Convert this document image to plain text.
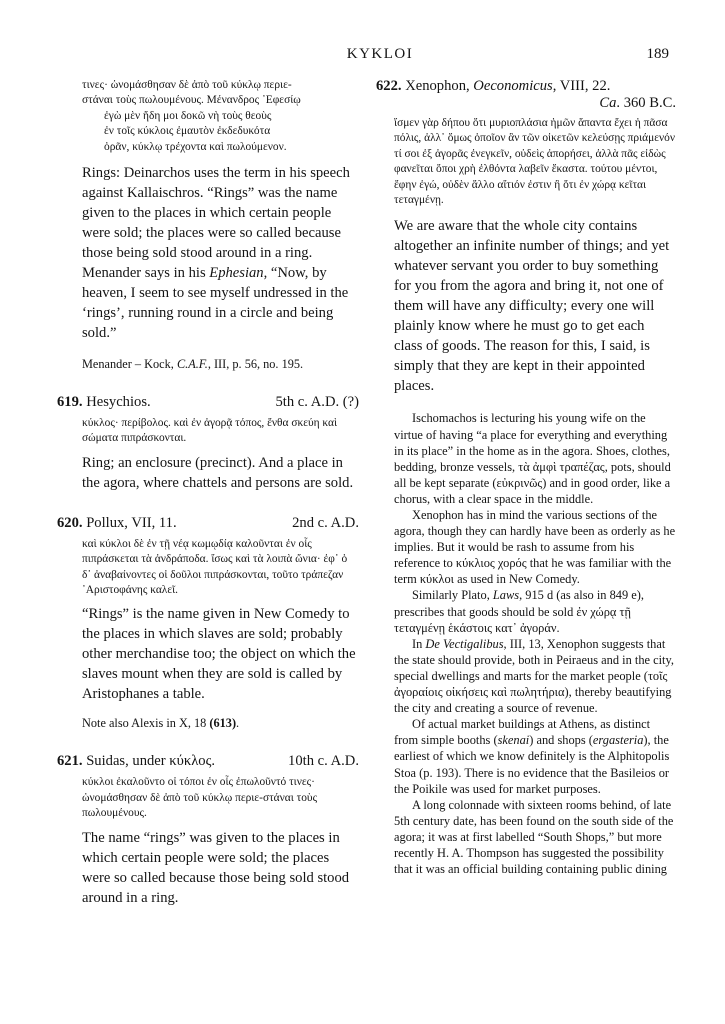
KYKLOI	189

τινες· ὠνομάσθησαν δὲ ἀπὸ τοῦ κύκλῳ περιε-

στάναι τοὺς πωλουμένους. Μένανδρος ᾿Εφεσίῳ

ἐγὼ μὲν ἤδη μοι δοκῶ νὴ τοὺς θεοὺς

ἐν τοῖς κύκλοις ἐμαυτὸν ἐκδεδυκότα

ὁρᾶν, κύκλῳ τρέχοντα καὶ πωλούμενον.

Rings: Deinarchos uses the term in his speech against Kallaischros. “Rings” was the name given to the places in which certain people were sold; the places were so called because those being sold stood around in a ring. Menander says in his Ephesian, “Now, by heaven, I seem to see myself undressed in the ‘rings’, running round in a circle and being sold.”

Menander – Kock, C.A.F., III, p. 56, no. 195.

619. Hesychios.	5th c. A.D. (?)

κύκλος· περίβολος. καὶ ἐν ἀγορᾷ τόπος, ἔνθα σκεύη καὶ σώματα πιπράσκονται.

Ring; an enclosure (precinct). And a place in the agora, where chattels and persons are sold.

620. Pollux, VII, 11.	2nd c. A.D.

καὶ κύκλοι δὲ ἐν τῇ νέᾳ κωμῳδίᾳ καλοῦνται ἐν οἷς πιπράσκεται τὰ ἀνδράποδα. ἴσως καὶ τὰ λοιπὰ ὤνια· ἐφ᾽ ὁ δ᾽ ἀναβαίνοντες οἱ δοῦλοι πιπράσκονται, τοῦτο τράπεζαν ᾿Αριστοφάνης καλεῖ.

“Rings” is the name given in New Comedy to the places in which slaves are sold; probably other merchandise too; the object on which the slaves mount when they are sold is called by Aristophanes a table.

Note also Alexis in X, 18 (613).

621. Suidas, under κύκλος.	10th c. A.D.

κύκλοι ἐκαλοῦντο οἱ τόποι ἐν οἷς ἐπωλοῦντό τινες· ὠνομάσθησαν δὲ ἀπὸ τοῦ κύκλῳ περιε-στάναι τοὺς πωλουμένους.

The name “rings” was given to the places in which certain people were sold; the places were so called because those being sold stood around in a ring.

622. Xenophon, Oeconomicus, VIII, 22.

Ca. 360 B.C.

ἴσμεν γὰρ δήπου ὅτι μυριοπλάσια ἡμῶν ἅπαντα ἔχει ἡ πᾶσα πόλις, ἀλλ᾽ ὅμως ὁποῖον ἂν τῶν οἰκετῶν κελεύσῃς πριάμενόν τί σοι ἐξ ἀγορᾶς ἐνεγκεῖν, οὐδεὶς ἀπορήσει, ἀλλὰ πᾶς εἰδὼς φανεῖται ὅποι χρὴ ἐλθόντα λαβεῖν ἕκαστα. τούτου μέντοι, ἔφην ἐγώ, οὐδὲν ἄλλο αἴτιόν ἐστιν ἢ ὅτι ἐν χώρᾳ κεῖται τεταγμένῃ.

We are aware that the whole city contains altogether an infinite number of things; and yet whatever servant you order to buy something for you from the agora and bring it, not one of them will have any difficulty; every one will plainly know where he must go to get each class of goods. The reason for this, I said, is simply that they are kept in their appointed places.

Ischomachos is lecturing his young wife on the virtue of having “a place for everything and everything in its place” in the home as in the agora. Shoes, clothes, bedding, bronze vessels, τὰ ἀμφὶ τραπέζας, pots, should all be kept separate (εὐκρινῶς) and in good order, like a chorus, with a clear space in the middle.

Xenophon has in mind the various sections of the agora, though they can hardly have been as orderly as he implies. But it would be rash to assume from his reference to κύκλιος χορός that he was familiar with the term κύκλοι as used in New Comedy.

Similarly Plato, Laws, 915 d (as also in 849 e), prescribes that goods should be sold ἐν χώρᾳ τῇ τεταγμένῃ ἑκάστοις κατ᾽ ἀγοράν.

In De Vectigalibus, III, 13, Xenophon suggests that the state should provide, both in Peiraeus and in the city, special dwellings and marts for the market people (τοῖς ἀγοραίοις οἰκήσεις καὶ πωλητήρια), thereby beautifying the city and creating a source of revenue.

Of actual market buildings at Athens, as distinct from simple booths (skenai) and shops (ergasteria), the earliest of which we know definitely is the Alphitopolis Stoa (p. 193). There is no evidence that the Basileios or the Poikile was used for market purposes.

A long colonnade with sixteen rooms behind, of late 5th century date, has been found on the south side of the agora; it was at first labelled “South Shops,” but more recently H. A. Thompson has suggested the possibility that it was an official building containing public dining
